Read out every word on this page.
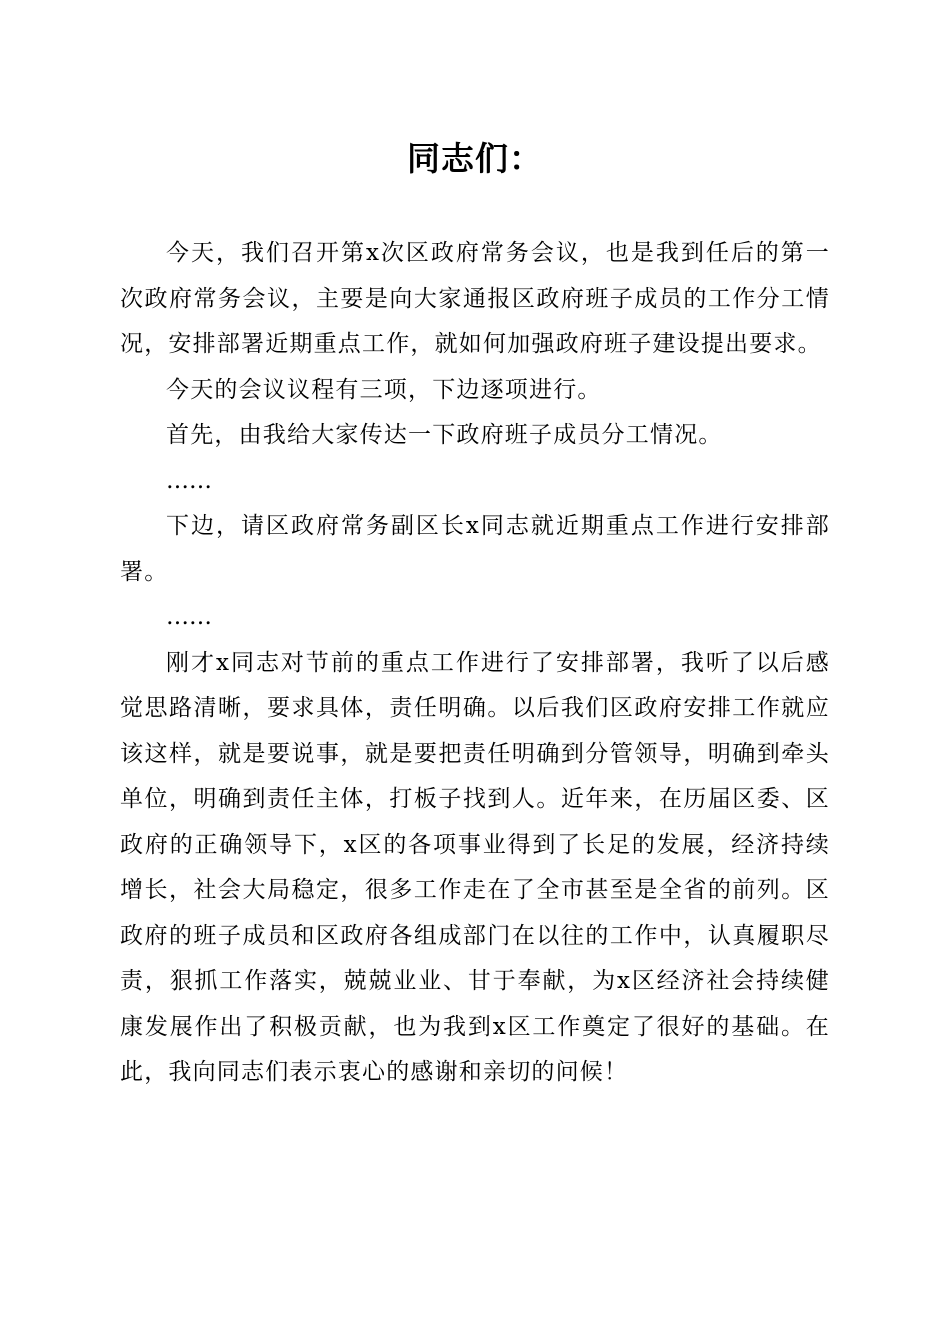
同志们：

今天，我们召开第x次区政府常务会议，也是我到任后的第一次政府常务会议，主要是向大家通报区政府班子成员的工作分工情况，安排部署近期重点工作，就如何加强政府班子建设提出要求。

今天的会议议程有三项，下边逐项进行。

首先，由我给大家传达一下政府班子成员分工情况。

……

下边，请区政府常务副区长x同志就近期重点工作进行安排部署。

……

刚才x同志对节前的重点工作进行了安排部署，我听了以后感觉思路清晰，要求具体，责任明确。以后我们区政府安排工作就应该这样，就是要说事，就是要把责任明确到分管领导，明确到牵头单位，明确到责任主体，打板子找到人。近年来，在历届区委、区政府的正确领导下，x区的各项事业得到了长足的发展，经济持续增长，社会大局稳定，很多工作走在了全市甚至是全省的前列。区政府的班子成员和区政府各组成部门在以往的工作中，认真履职尽责，狠抓工作落实，兢兢业业、甘于奉献，为x区经济社会持续健康发展作出了积极贡献，也为我到x区工作奠定了很好的基础。在此，我向同志们表示衷心的感谢和亲切的问候！
